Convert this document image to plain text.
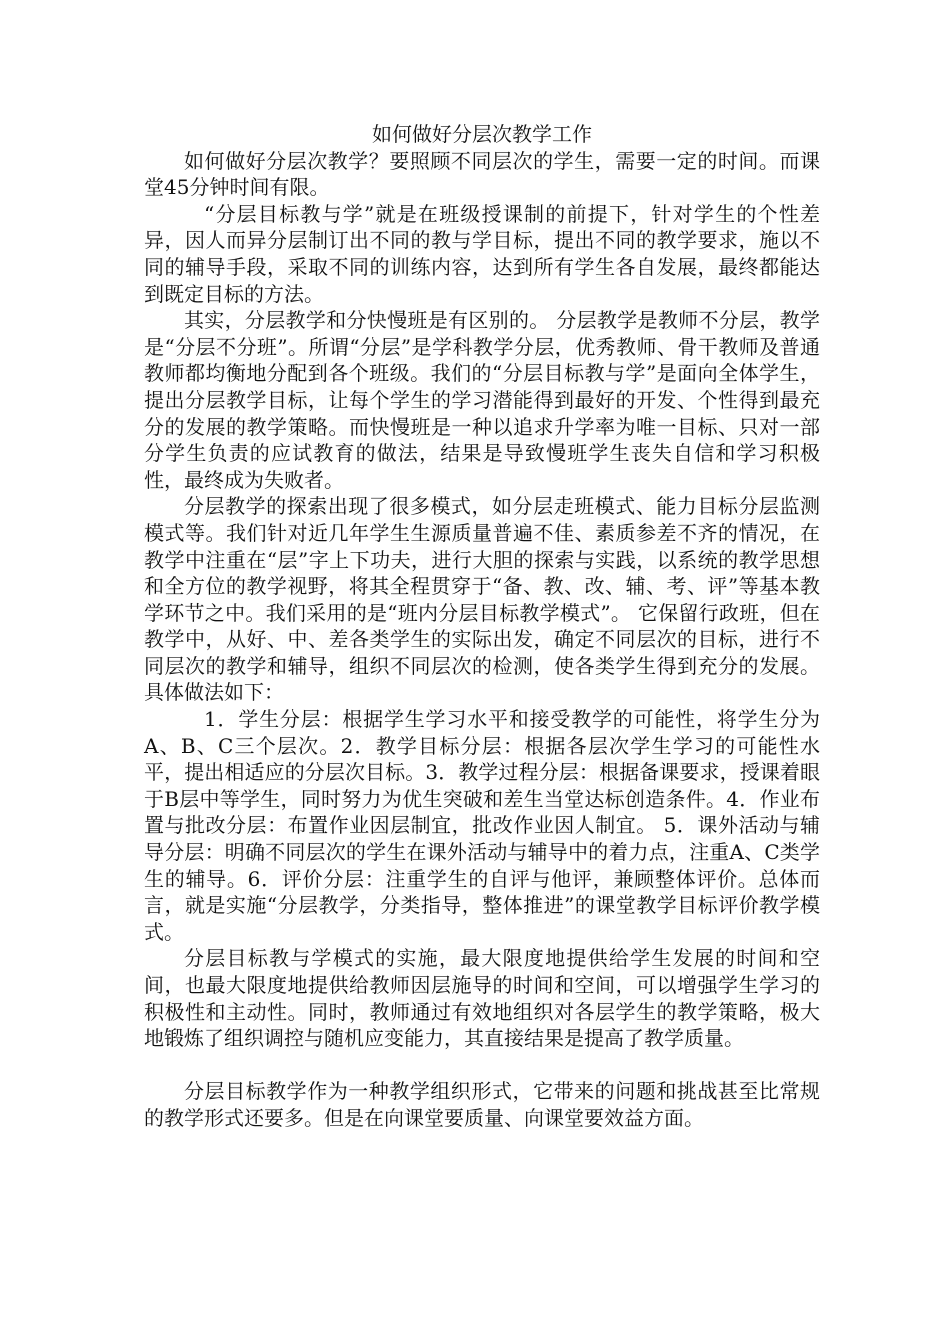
如何做好分层次教学工作

如何做好分层次教学？要照顾不同层次的学生，需要一定的时间。而课堂45分钟时间有限。

“分层目标教与学”就是在班级授课制的前提下，针对学生的个性差异，因人而异分层制订出不同的教与学目标，提出不同的教学要求，施以不同的辅导手段，采取不同的训练内容，达到所有学生各自发展，最终都能达到既定目标的方法。

其实，分层教学和分快慢班是有区别的。 分层教学是教师不分层，教学是“分层不分班”。所谓“分层”是学科教学分层，优秀教师、骨干教师及普通教师都均衡地分配到各个班级。我们的“分层目标教与学”是面向全体学生，提出分层教学目标，让每个学生的学习潜能得到最好的开发、个性得到最充分的发展的教学策略。而快慢班是一种以追求升学率为唯一目标、只对一部分学生负责的应试教育的做法，结果是导致慢班学生丧失自信和学习积极性，最终成为失败者。

分层教学的探索出现了很多模式，如分层走班模式、能力目标分层监测模式等。我们针对近几年学生生源质量普遍不佳、素质参差不齐的情况，在教学中注重在“层”字上下功夫，进行大胆的探索与实践，以系统的教学思想和全方位的教学视野，将其全程贯穿于“备、教、改、辅、考、评”等基本教学环节之中。我们采用的是“班内分层目标教学模式”。 它保留行政班，但在教学中，从好、中、差各类学生的实际出发，确定不同层次的目标，进行不同层次的教学和辅导，组织不同层次的检测，使各类学生得到充分的发展。具体做法如下：

1．学生分层：根据学生学习水平和接受教学的可能性，将学生分为A、B、C三个层次。2．教学目标分层：根据各层次学生学习的可能性水平，提出相适应的分层次目标。3．教学过程分层：根据备课要求，授课着眼于B层中等学生，同时努力为优生突破和差生当堂达标创造条件。4．作业布置与批改分层：布置作业因层制宜，批改作业因人制宜。 5．课外活动与辅导分层：明确不同层次的学生在课外活动与辅导中的着力点，注重A、C类学生的辅导。6．评价分层：注重学生的自评与他评，兼顾整体评价。总体而言，就是实施“分层教学，分类指导，整体推进”的课堂教学目标评价教学模式。

分层目标教与学模式的实施，最大限度地提供给学生发展的时间和空间，也最大限度地提供给教师因层施导的时间和空间，可以增强学生学习的积极性和主动性。同时，教师通过有效地组织对各层学生的教学策略，极大地锻炼了组织调控与随机应变能力，其直接结果是提高了教学质量。

分层目标教学作为一种教学组织形式，它带来的问题和挑战甚至比常规的教学形式还要多。但是在向课堂要质量、向课堂要效益方面。
